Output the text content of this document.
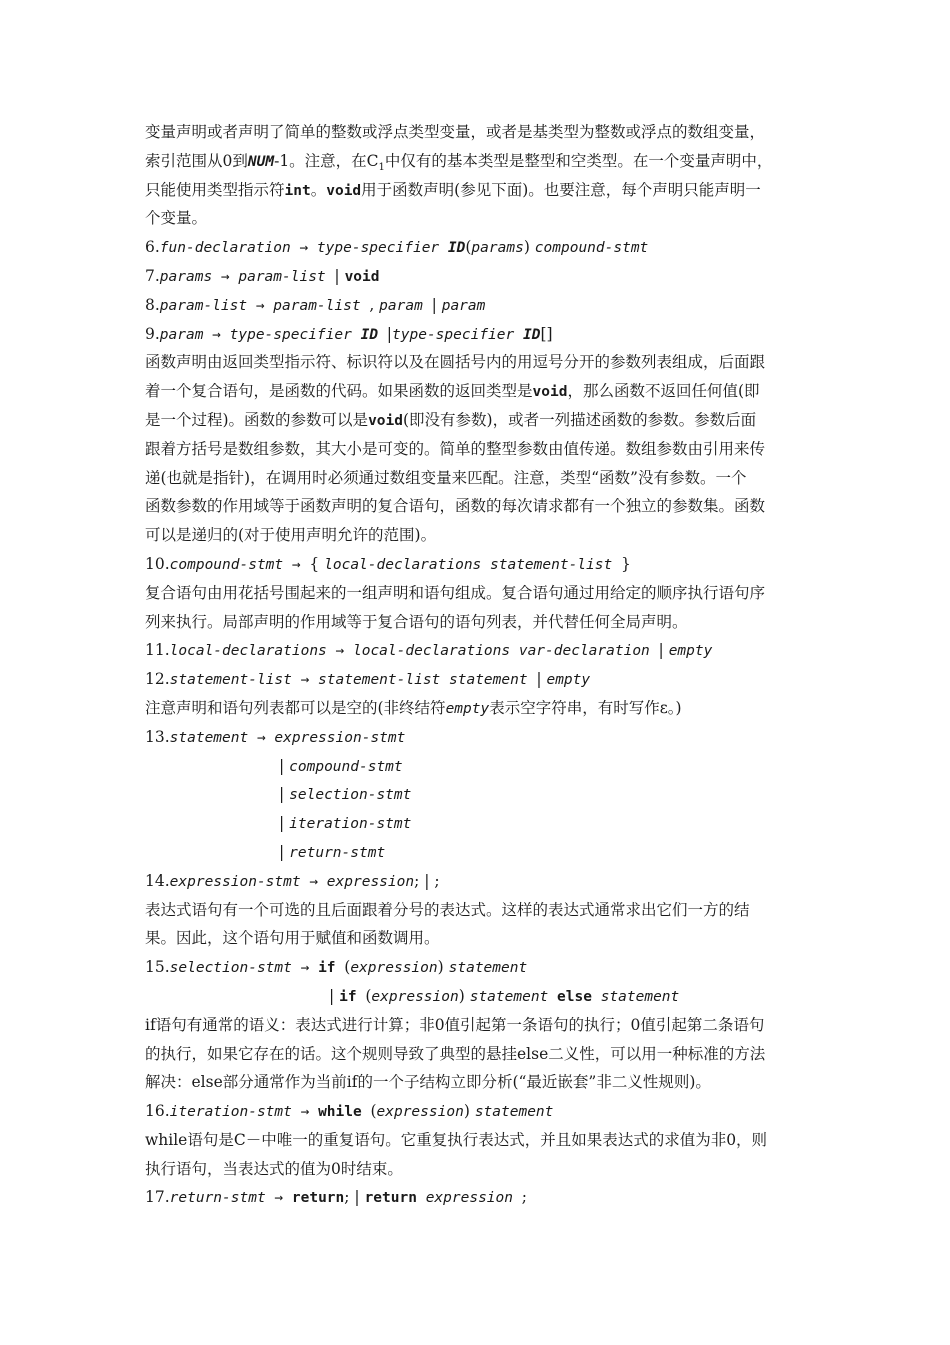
变量声明或者声明了简单的整数或浮点类型变量，或者是基类型为整数或浮点的数组变量，
索引范围从0到NUM-1。注意，在$C_1$中仅有的基本类型是整型和空类型。在一个变量声明中，
只能使用类型指示符int。void用于函数声明(参见下面)。也要注意，每个声明只能声明一
个变量。
6.fun-declaration → type-specifier ID(params) compound-stmt
7.params → param-list | void
8.param-list → param-list , param | param
9.param → type-specifier ID |type-specifier ID[]
函数声明由返回类型指示符、标识符以及在圆括号内的用逗号分开的参数列表组成，后面跟
着一个复合语句，是函数的代码。如果函数的返回类型是void，那么函数不返回任何值(即
是一个过程)。函数的参数可以是void(即没有参数)，或者一列描述函数的参数。参数后面
跟着方括号是数组参数，其大小是可变的。简单的整型参数由值传递。数组参数由引用来传
递(也就是指针)，在调用时必须通过数组变量来匹配。注意，类型“函数”没有参数。一个
函数参数的作用域等于函数声明的复合语句，函数的每次请求都有一个独立的参数集。函数
可以是递归的(对于使用声明允许的范围)。
10.compound-stmt → { local-declarations statement-list }
复合语句由用花括号围起来的一组声明和语句组成。复合语句通过用给定的顺序执行语句序
列来执行。局部声明的作用域等于复合语句的语句列表，并代替任何全局声明。
11.local-declarations → local-declarations var-declaration | empty
12.statement-list → statement-list statement | empty
注意声明和语句列表都可以是空的(非终结符empty表示空字符串，有时写作ε。)
13.statement → expression-stmt
| compound-stmt
| selection-stmt
| iteration-stmt
| return-stmt
14.expression-stmt → expression; | ;
表达式语句有一个可选的且后面跟着分号的表达式。这样的表达式通常求出它们一方的结
果。因此，这个语句用于赋值和函数调用。
15.selection-stmt → if (expression) statement
| if (expression) statement else statement
if语句有通常的语义：表达式进行计算；非0值引起第一条语句的执行；0值引起第二条语句
的执行，如果它存在的话。这个规则导致了典型的悬挂else二义性，可以用一种标准的方法
解决：else部分通常作为当前if的一个子结构立即分析(“最近嵌套”非二义性规则)。
16.iteration-stmt → while (expression) statement
while语句是C－中唯一的重复语句。它重复执行表达式，并且如果表达式的求值为非0，则
执行语句，当表达式的值为0时结束。
17.return-stmt → return; | return expression ;
